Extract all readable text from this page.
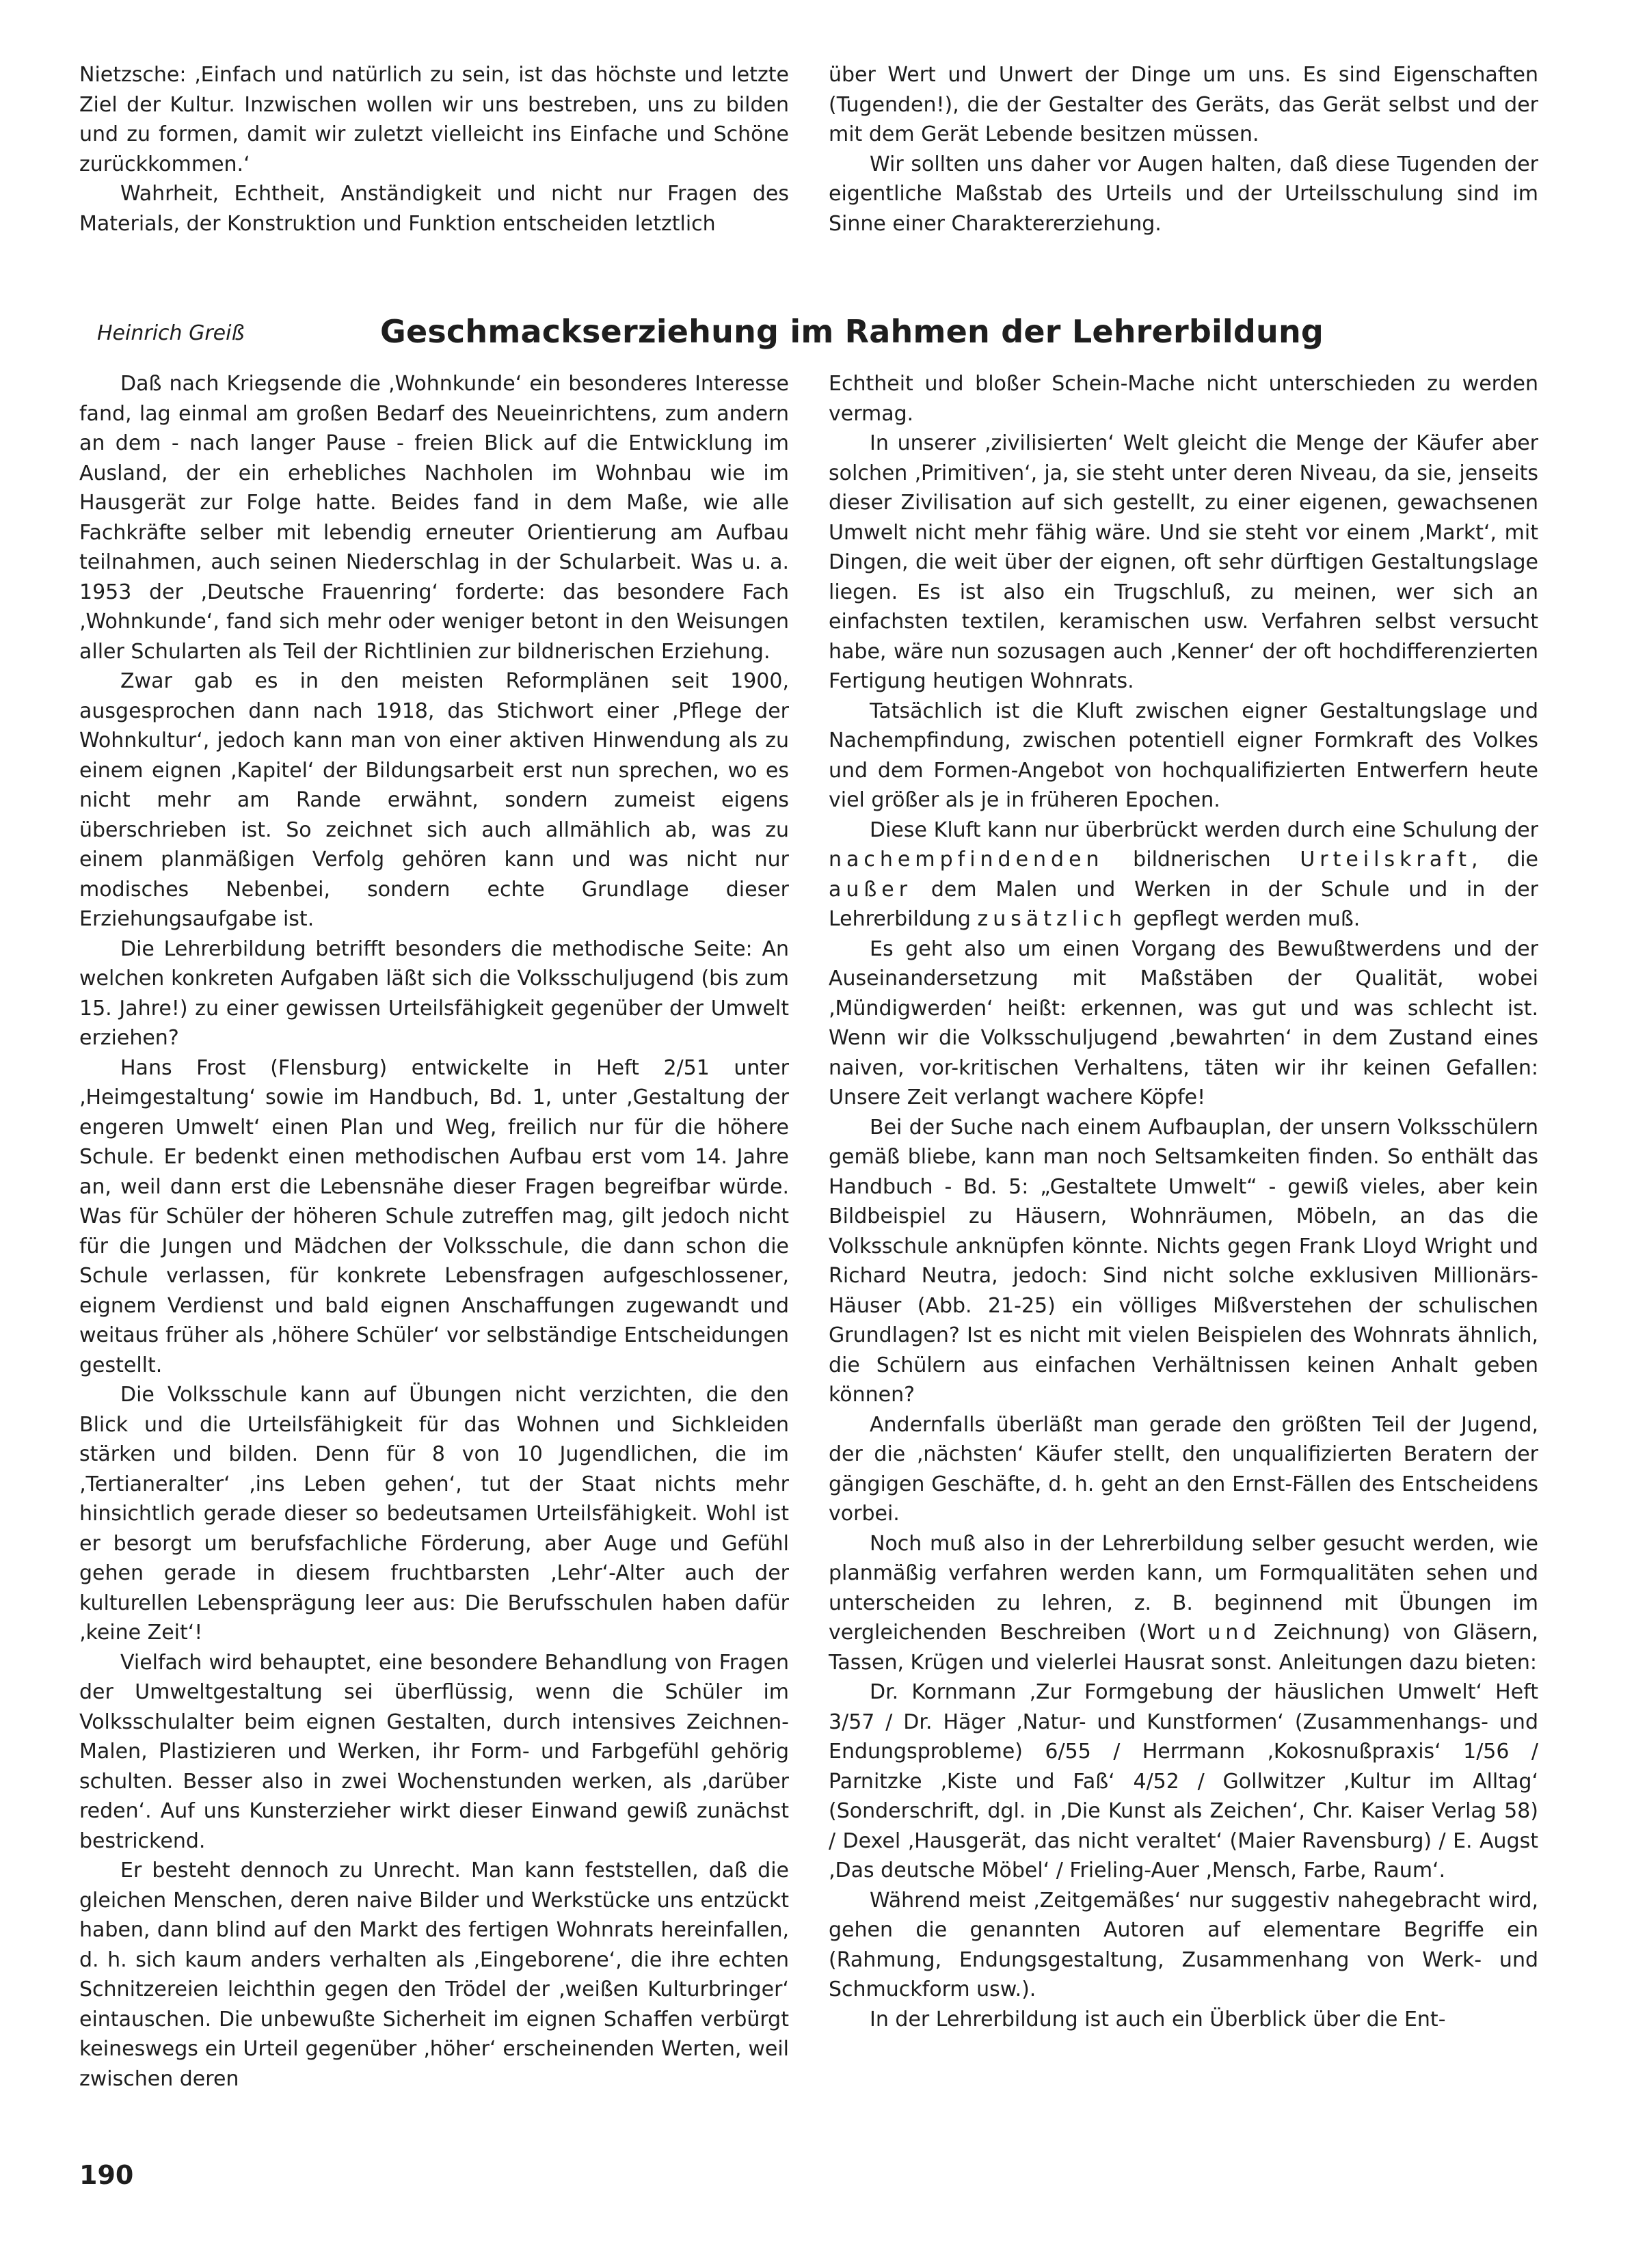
Nietzsche: ‚Einfach und natürlich zu sein, ist das höchste und letzte Ziel der Kultur. Inzwischen wollen wir uns bestreben, uns zu bilden und zu formen, damit wir zuletzt vielleicht ins Einfache und Schöne zurückkommen.‘

Wahrheit, Echtheit, Anständigkeit und nicht nur Fragen des Materials, der Konstruktion und Funktion entscheiden letztlich

über Wert und Unwert der Dinge um uns. Es sind Eigenschaften (Tugenden!), die der Gestalter des Geräts, das Gerät selbst und der mit dem Gerät Lebende besitzen müssen.

Wir sollten uns daher vor Augen halten, daß diese Tugenden der eigentliche Maßstab des Urteils und der Urteilsschulung sind im Sinne einer Charaktererziehung.

Heinrich Greiß	Geschmackserziehung im Rahmen der Lehrerbildung

Daß nach Kriegsende die ‚Wohnkunde‘ ein besonderes Interesse fand, lag einmal am großen Bedarf des Neueinrichtens, zum andern an dem - nach langer Pause - freien Blick auf die Entwicklung im Ausland, der ein erhebliches Nachholen im Wohnbau wie im Hausgerät zur Folge hatte. Beides fand in dem Maße, wie alle Fachkräfte selber mit lebendig erneuter Orientierung am Aufbau teilnahmen, auch seinen Niederschlag in der Schularbeit. Was u. a. 1953 der ‚Deutsche Frauenring‘ forderte: das besondere Fach ‚Wohnkunde‘, fand sich mehr oder weniger betont in den Weisungen aller Schularten als Teil der Richtlinien zur bildnerischen Erziehung.

Zwar gab es in den meisten Reformplänen seit 1900, ausgesprochen dann nach 1918, das Stichwort einer ‚Pflege der Wohnkultur‘, jedoch kann man von einer aktiven Hinwendung als zu einem eignen ‚Kapitel‘ der Bildungsarbeit erst nun sprechen, wo es nicht mehr am Rande erwähnt, sondern zumeist eigens überschrieben ist. So zeichnet sich auch allmählich ab, was zu einem planmäßigen Verfolg gehören kann und was nicht nur modisches Nebenbei, sondern echte Grundlage dieser Erziehungsaufgabe ist.

Die Lehrerbildung betrifft besonders die methodische Seite: An welchen konkreten Aufgaben läßt sich die Volksschuljugend (bis zum 15. Jahre!) zu einer gewissen Urteilsfähigkeit gegenüber der Umwelt erziehen?

Hans Frost (Flensburg) entwickelte in Heft 2/51 unter ‚Heimgestaltung‘ sowie im Handbuch, Bd. 1, unter ‚Gestaltung der engeren Umwelt‘ einen Plan und Weg, freilich nur für die höhere Schule. Er bedenkt einen methodischen Aufbau erst vom 14. Jahre an, weil dann erst die Lebensnähe dieser Fragen begreifbar würde. Was für Schüler der höheren Schule zutreffen mag, gilt jedoch nicht für die Jungen und Mädchen der Volksschule, die dann schon die Schule verlassen, für konkrete Lebensfragen aufgeschlossener, eignem Verdienst und bald eignen Anschaffungen zugewandt und weitaus früher als ‚höhere Schüler‘ vor selbständige Entscheidungen gestellt.

Die Volksschule kann auf Übungen nicht verzichten, die den Blick und die Urteilsfähigkeit für das Wohnen und Sichkleiden stärken und bilden. Denn für 8 von 10 Jugendlichen, die im ‚Tertianeralter‘ ‚ins Leben gehen‘, tut der Staat nichts mehr hinsichtlich gerade dieser so bedeutsamen Urteilsfähigkeit. Wohl ist er besorgt um berufsfachliche Förderung, aber Auge und Gefühl gehen gerade in diesem fruchtbarsten ‚Lehr‘-Alter auch der kulturellen Lebensprägung leer aus: Die Berufsschulen haben dafür ‚keine Zeit‘!

Vielfach wird behauptet, eine besondere Behandlung von Fragen der Umweltgestaltung sei überflüssig, wenn die Schüler im Volksschulalter beim eignen Gestalten, durch intensives Zeichnen-Malen, Plastizieren und Werken, ihr Form- und Farbgefühl gehörig schulten. Besser also in zwei Wochenstunden werken, als ‚darüber reden‘. Auf uns Kunsterzieher wirkt dieser Einwand gewiß zunächst bestrickend.

Er besteht dennoch zu Unrecht. Man kann feststellen, daß die gleichen Menschen, deren naive Bilder und Werkstücke uns entzückt haben, dann blind auf den Markt des fertigen Wohnrats hereinfallen, d. h. sich kaum anders verhalten als ‚Eingeborene‘, die ihre echten Schnitzereien leichthin gegen den Trödel der ‚weißen Kulturbringer‘ eintauschen. Die unbewußte Sicherheit im eignen Schaffen verbürgt keineswegs ein Urteil gegenüber ‚höher‘ erscheinenden Werten, weil zwischen deren

Echtheit und bloßer Schein-Mache nicht unterschieden zu werden vermag.

In unserer ‚zivilisierten‘ Welt gleicht die Menge der Käufer aber solchen ‚Primitiven‘, ja, sie steht unter deren Niveau, da sie, jenseits dieser Zivilisation auf sich gestellt, zu einer eigenen, gewachsenen Umwelt nicht mehr fähig wäre. Und sie steht vor einem ‚Markt‘, mit Dingen, die weit über der eignen, oft sehr dürftigen Gestaltungslage liegen. Es ist also ein Trugschluß, zu meinen, wer sich an einfachsten textilen, keramischen usw. Verfahren selbst versucht habe, wäre nun sozusagen auch ‚Kenner‘ der oft hochdifferenzierten Fertigung heutigen Wohnrats.

Tatsächlich ist die Kluft zwischen eigner Gestaltungslage und Nachempfindung, zwischen potentiell eigner Formkraft des Volkes und dem Formen-Angebot von hochqualifizierten Entwerfern heute viel größer als je in früheren Epochen.

Diese Kluft kann nur überbrückt werden durch eine Schulung der nachempfindenden bildnerischen Urteilskraft, die außer dem Malen und Werken in der Schule und in der Lehrerbildung zusätzlich gepflegt werden muß.

Es geht also um einen Vorgang des Bewußtwerdens und der Auseinandersetzung mit Maßstäben der Qualität, wobei ‚Mündigwerden‘ heißt: erkennen, was gut und was schlecht ist. Wenn wir die Volksschuljugend ‚bewahrten‘ in dem Zustand eines naiven, vor-kritischen Verhaltens, täten wir ihr keinen Gefallen: Unsere Zeit verlangt wachere Köpfe!

Bei der Suche nach einem Aufbauplan, der unsern Volksschülern gemäß bliebe, kann man noch Seltsamkeiten finden. So enthält das Handbuch - Bd. 5: „Gestaltete Umwelt“ - gewiß vieles, aber kein Bildbeispiel zu Häusern, Wohnräumen, Möbeln, an das die Volksschule anknüpfen könnte. Nichts gegen Frank Lloyd Wright und Richard Neutra, jedoch: Sind nicht solche exklusiven Millionärs-Häuser (Abb. 21-25) ein völliges Mißverstehen der schulischen Grundlagen? Ist es nicht mit vielen Beispielen des Wohnrats ähnlich, die Schülern aus einfachen Verhältnissen keinen Anhalt geben können?

Andernfalls überläßt man gerade den größten Teil der Jugend, der die ‚nächsten‘ Käufer stellt, den unqualifizierten Beratern der gängigen Geschäfte, d. h. geht an den Ernst-Fällen des Entscheidens vorbei.

Noch muß also in der Lehrerbildung selber gesucht werden, wie planmäßig verfahren werden kann, um Formqualitäten sehen und unterscheiden zu lehren, z. B. beginnend mit Übungen im vergleichenden Beschreiben (Wort und Zeichnung) von Gläsern, Tassen, Krügen und vielerlei Hausrat sonst. Anleitungen dazu bieten:

Dr. Kornmann ‚Zur Formgebung der häuslichen Umwelt‘ Heft 3/57 / Dr. Häger ‚Natur- und Kunstformen‘ (Zusammenhangs- und Endungsprobleme) 6/55 / Herrmann ‚Kokosnußpraxis‘ 1/56 / Parnitzke ‚Kiste und Faß‘ 4/52 / Gollwitzer ‚Kultur im Alltag‘ (Sonderschrift, dgl. in ‚Die Kunst als Zeichen‘, Chr. Kaiser Verlag 58) / Dexel ‚Hausgerät, das nicht veraltet‘ (Maier Ravensburg) / E. Augst ‚Das deutsche Möbel‘ / Frieling-Auer ‚Mensch, Farbe, Raum‘.

Während meist ‚Zeitgemäßes‘ nur suggestiv nahegebracht wird, gehen die genannten Autoren auf elementare Begriffe ein (Rahmung, Endungsgestaltung, Zusammenhang von Werk- und Schmuckform usw.).

In der Lehrerbildung ist auch ein Überblick über die Ent-

190
